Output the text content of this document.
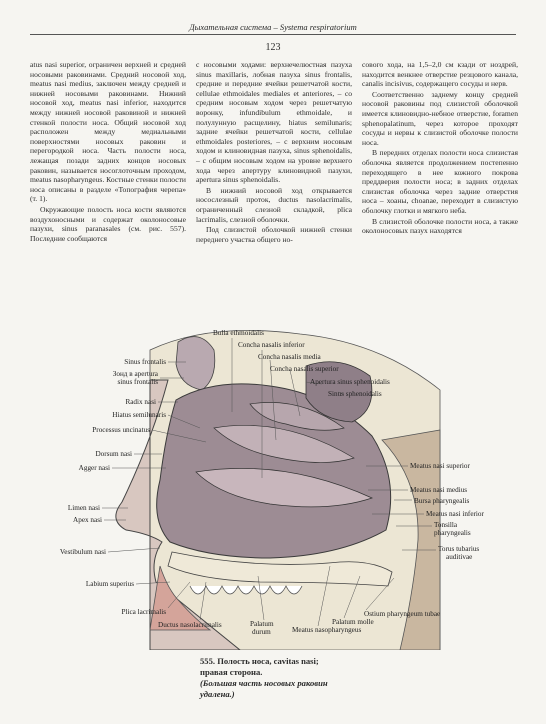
Дыхательная система – Systema respiratorium
123

atus nasi superior, ограничен верхней и средней носовыми раковинами. Средний носовой ход, meatus nasi medius, заключен между средней и нижней носовыми раковинами. Нижний носовой ход, meatus nasi inferior, находится между нижней носовой раковиной и нижней стенкой полости носа. Общий носовой ход расположен между медиальными поверхностями носовых раковин и перегородкой носа. Часть полости носа, лежащая позади задних концов носовых раковин, называется носоглоточным проходом, meatus nasopharyngeus. Костные стенки полости носа описаны в разделе «Топография черепа» (т. 1).

Окружающие полость носа кости являются воздухоносными и содержат околоносовые пазухи, sinus paranasales (см. рис. 557). Последние сообщаются

с носовыми ходами: верхнечелюстная пазуха sinus maxillaris, лобная пазуха sinus frontalis, средние и передние ячейки решетчатой кости, cellulae ethmoidales mediales et anteriores, – со средним носовым ходом через решетчатую воронку, infundibulum ethmoidale, и полулунную расщелину, hiatus semilunaris; задние ячейки решетчатой кости, cellulae ethmoidales posteriores, – с верхним носовым ходом и клиновидная пазуха, sinus sphenoidalis, – с общим носовым ходом на уровне верхнего хода через апертуру клиновидной пазухи, apertura sinus sphenoidalis.

В нижний носовой ход открывается носослезный проток, ductus nasolacrimalis, ограниченный слезной складкой, plica lacrimalis, слезной оболочки.

Под слизистой оболочкой нижней стенки переднего участка общего но-

сового хода, на 1,5–2,0 см кзади от ноздрей, находится венкнее отверстие резцового канала, canalis incisivus, содержащего сосуды и нерв.

Соответственно заднему концу средней носовой раковины под слизистой оболочкой имеется клиновидно-небное отверстие, foramen sphenopalatinum, через которое проходят сосуды и нервы к слизистой оболочке полости носа.

В передних отделах полости носа слизистая оболочка является продолжением постепенно переходящего в нее кожного покрова преддверия полости носа; в задних отделах слизистая оболочка через задние отверстия носа – хоаны, choanae, переходит в слизистую оболочку глотки и мягкого неба.

В слизистой оболочке полости носа, а также околоносовых пазух находятся

Bulla ethmoidalis
Concha nasalis inferior
Concha nasalis media
Concha nasalis superior
Sinus frontalis
Apertura sinus sphenoidalis
Sinus sphenoidalis
Зонд в apertura
sinus frontalis
Radix nasi
Hiatus semilunaris
Processus uncinatus
Dorsum nasi
Agger nasi	Meatus nasi superior
Meatus nasi medius
Bursa pharyngealis
Meatus nasi inferior
Tonsilla
pharyngealis
Limen nasi
Apex nasi
Torus tubarius
auditivae
Vestibulum nasi
Labium superius
Plica lacrimalis
Ductus nasolacrimalis	Palatum
durum
Ostium pharyngeum tubae
Palatum molle
Meatus nasopharyngeus
555. Полость носа, cavitas nasi;
правая сторона.
(Большая часть носовых раковин
удалена.)
